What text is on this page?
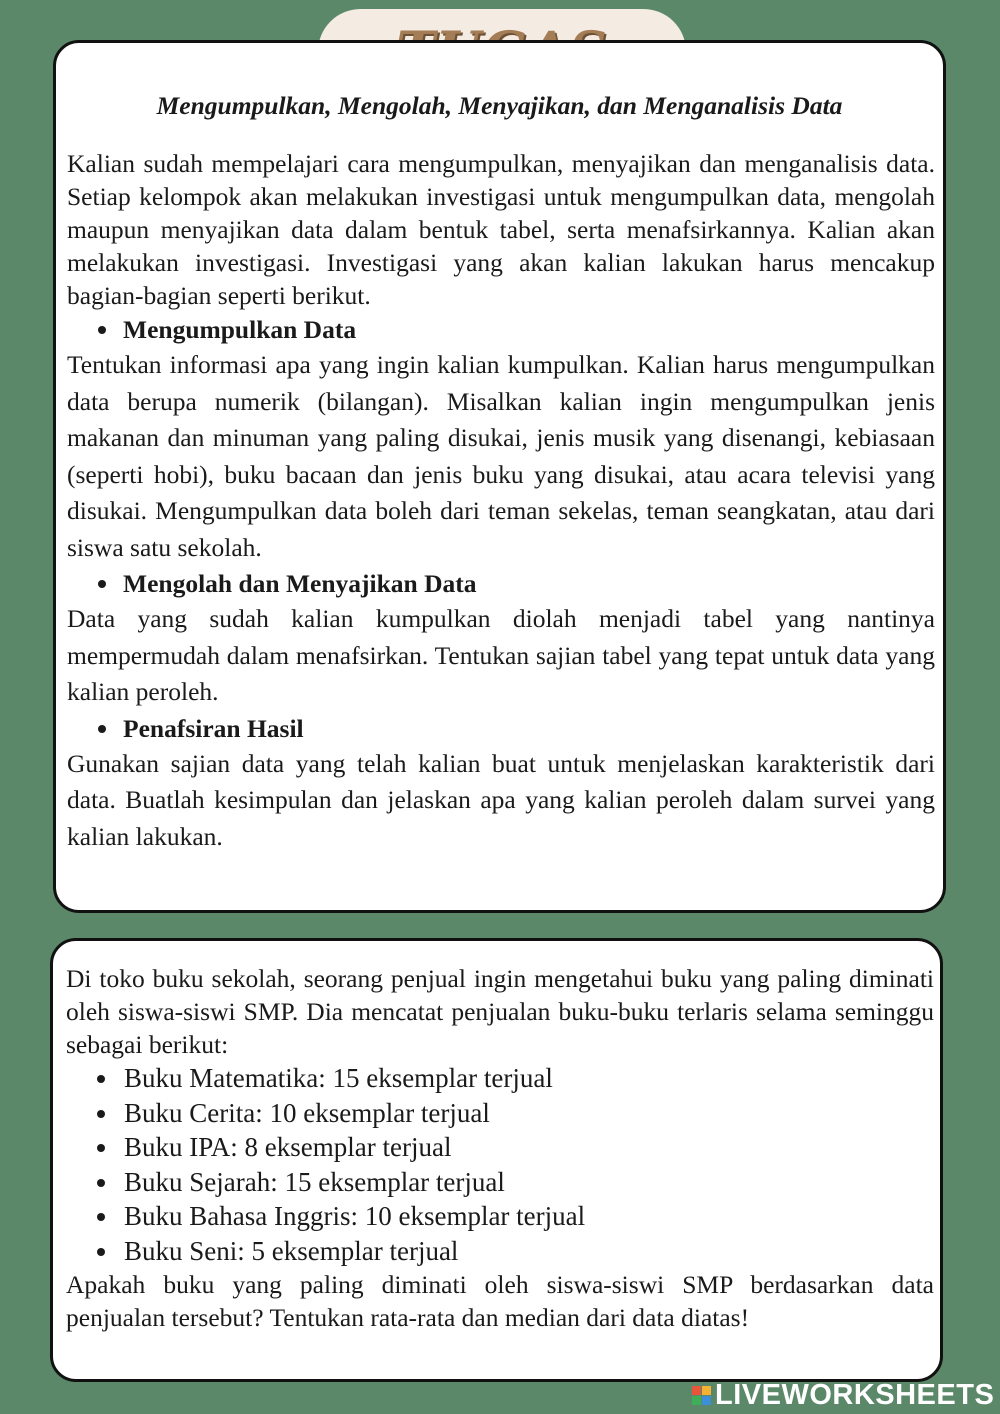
Mengumpulkan, Mengolah, Menyajikan, dan Menganalisis Data

Kalian sudah mempelajari cara mengumpulkan, menyajikan dan menganalisis data. Setiap kelompok akan melakukan investigasi untuk mengumpulkan data, mengolah maupun menyajikan data dalam bentuk tabel, serta menafsirkannya. Kalian akan melakukan investigasi. Investigasi yang akan kalian lakukan harus mencakup bagian-bagian seperti berikut.

Mengumpulkan Data

Tentukan informasi apa yang ingin kalian kumpulkan. Kalian harus mengumpulkan data berupa numerik (bilangan). Misalkan kalian ingin mengumpulkan jenis makanan dan minuman yang paling disukai, jenis musik yang disenangi, kebiasaan (seperti hobi), buku bacaan dan jenis buku yang disukai, atau acara televisi yang disukai. Mengumpulkan data boleh dari teman sekelas, teman seangkatan, atau dari siswa satu sekolah.

Mengolah dan Menyajikan Data

Data yang sudah kalian kumpulkan diolah menjadi tabel yang nantinya mempermudah dalam menafsirkan. Tentukan sajian tabel yang tepat untuk data yang kalian peroleh.

Penafsiran Hasil

Gunakan sajian data yang telah kalian buat untuk menjelaskan karakteristik dari data. Buatlah kesimpulan dan jelaskan apa yang kalian peroleh dalam survei yang kalian lakukan.

Di toko buku sekolah, seorang penjual ingin mengetahui buku yang paling diminati oleh siswa-siswi SMP. Dia mencatat penjualan buku-buku terlaris selama seminggu sebagai berikut:

Buku Matematika: 15 eksemplar terjual
Buku Cerita: 10 eksemplar terjual
Buku IPA: 8 eksemplar terjual
Buku Sejarah: 15 eksemplar terjual
Buku Bahasa Inggris: 10 eksemplar terjual
Buku Seni: 5 eksemplar terjual

Apakah buku yang paling diminati oleh siswa-siswi SMP berdasarkan data penjualan tersebut? Tentukan rata-rata dan median dari data diatas!

LIVEWORKSHEETS
